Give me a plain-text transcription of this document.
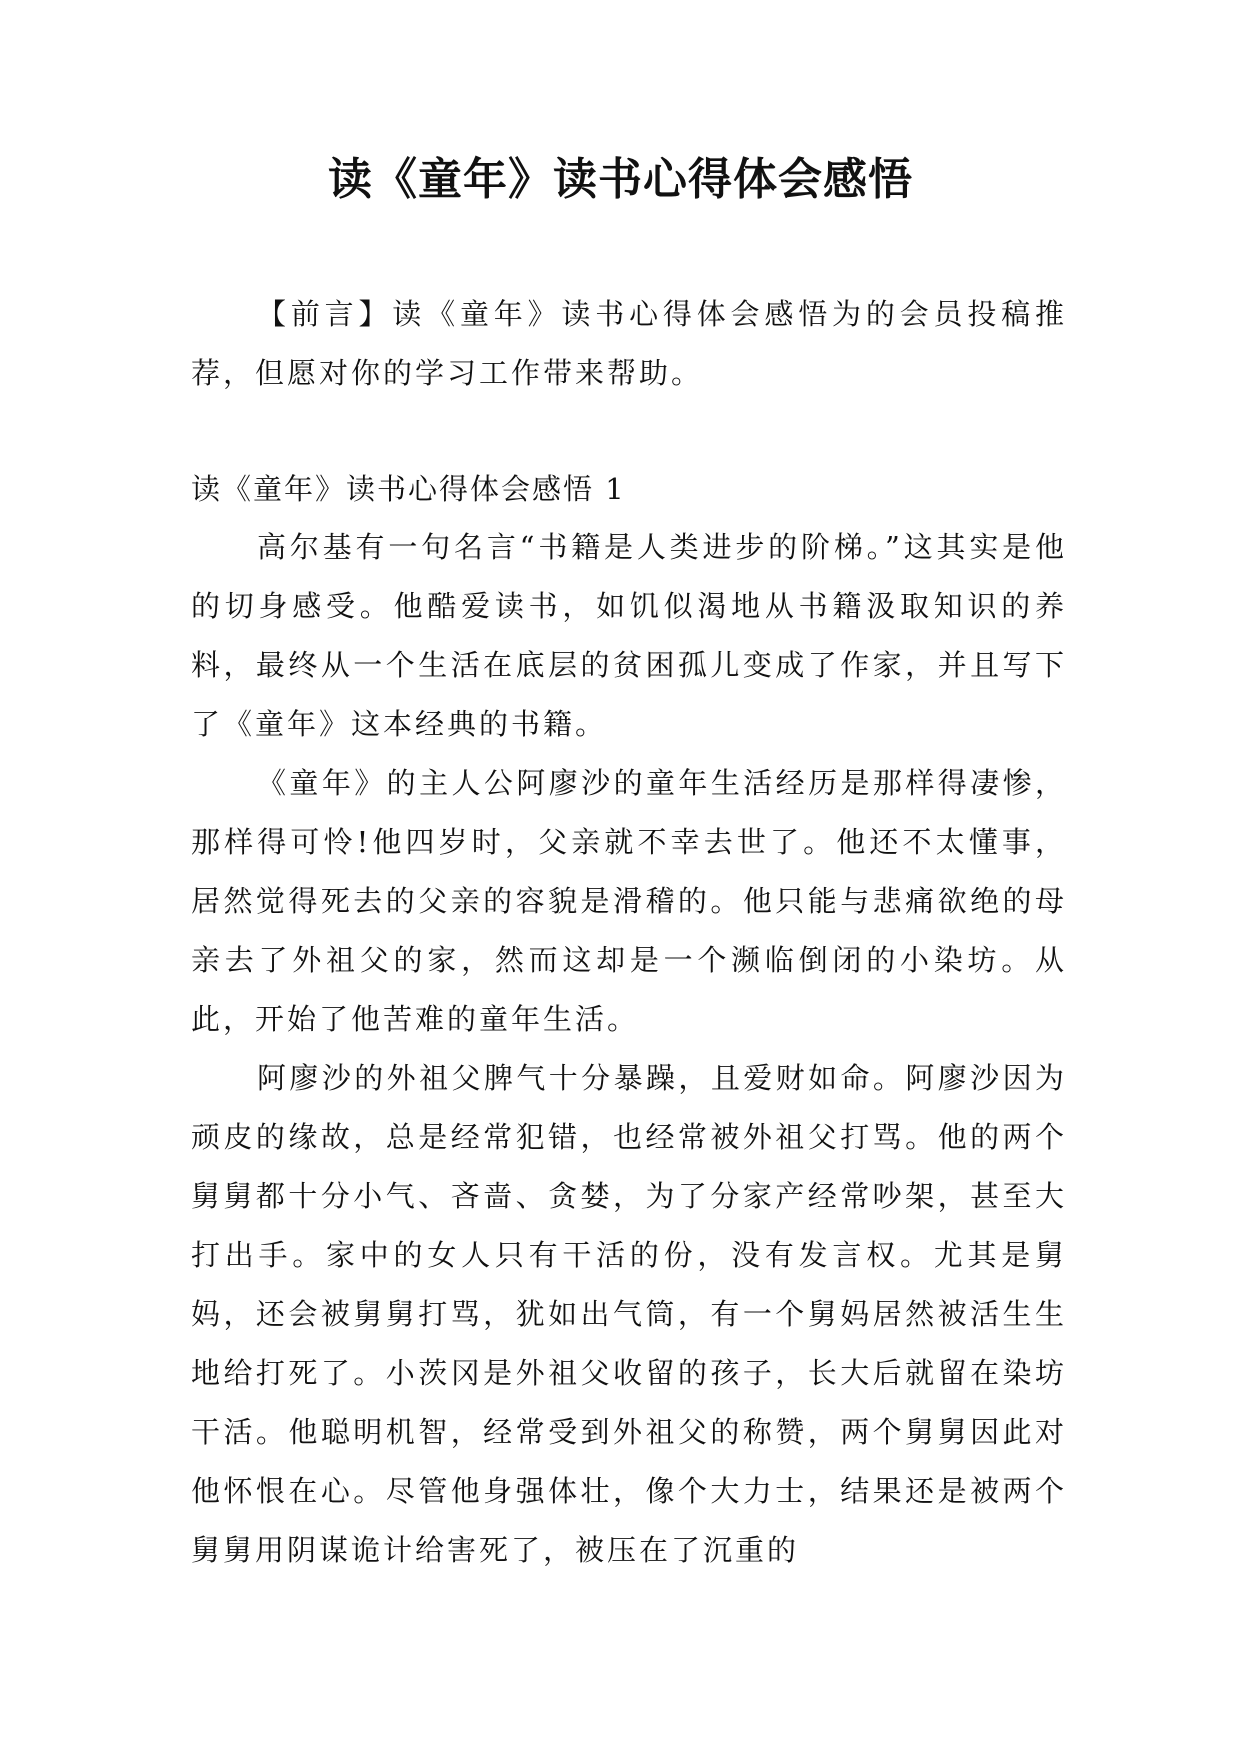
读《童年》读书心得体会感悟

【前言】读《童年》读书心得体会感悟为的会员投稿推荐，但愿对你的学习工作带来帮助。

读《童年》读书心得体会感悟 1

高尔基有一句名言“书籍是人类进步的阶梯。”这其实是他的切身感受。他酷爱读书，如饥似渴地从书籍汲取知识的养料，最终从一个生活在底层的贫困孤儿变成了作家，并且写下了《童年》这本经典的书籍。

《童年》的主人公阿廖沙的童年生活经历是那样得凄惨，那样得可怜!他四岁时，父亲就不幸去世了。他还不太懂事，居然觉得死去的父亲的容貌是滑稽的。他只能与悲痛欲绝的母亲去了外祖父的家，然而这却是一个濒临倒闭的小染坊。从此，开始了他苦难的童年生活。

阿廖沙的外祖父脾气十分暴躁，且爱财如命。阿廖沙因为顽皮的缘故，总是经常犯错，也经常被外祖父打骂。他的两个舅舅都十分小气、吝啬、贪婪，为了分家产经常吵架，甚至大打出手。家中的女人只有干活的份，没有发言权。尤其是舅妈，还会被舅舅打骂，犹如出气筒，有一个舅妈居然被活生生地给打死了。小茨冈是外祖父收留的孩子，长大后就留在染坊干活。他聪明机智，经常受到外祖父的称赞，两个舅舅因此对他怀恨在心。尽管他身强体壮，像个大力士，结果还是被两个舅舅用阴谋诡计给害死了，被压在了沉重的
